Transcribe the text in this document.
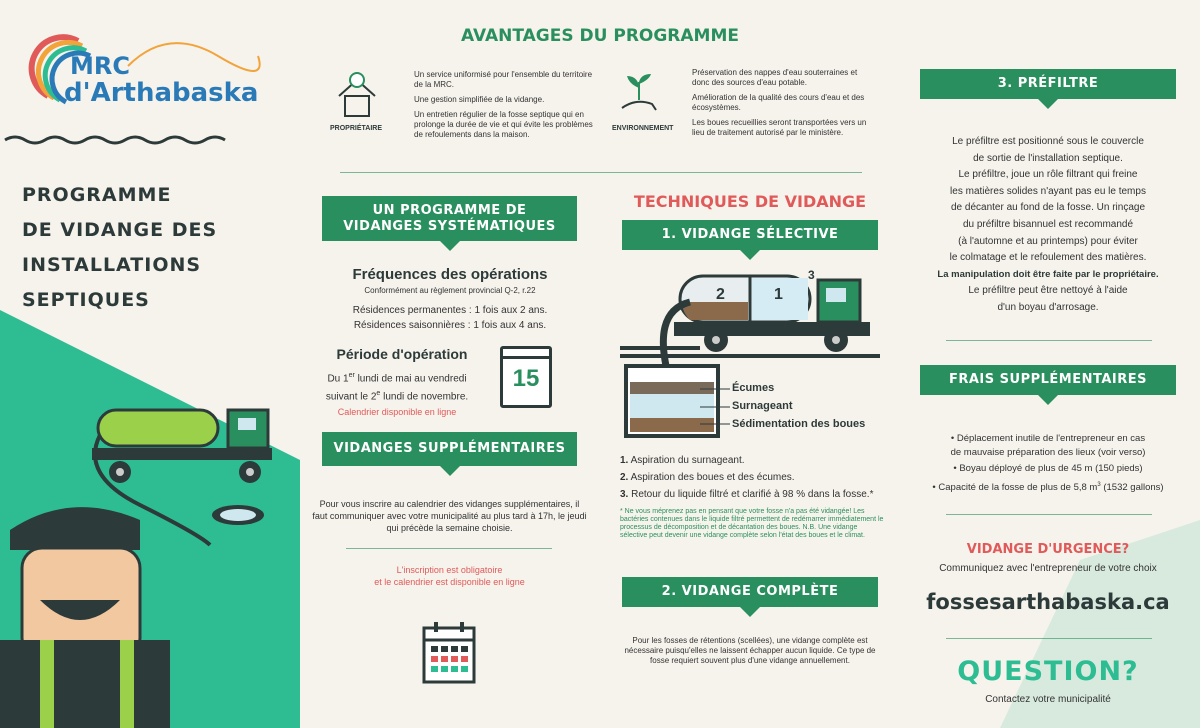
MRC
d'Arthabaska
PROGRAMME
DE VIDANGE DES
INSTALLATIONS
SEPTIQUES
AVANTAGES DU PROGRAMME
PROPRIÉTAIRE
Un service uniformisé pour l'ensemble du territoire de la MRC.
Une gestion simplifiée de la vidange.
Un entretien régulier de la fosse septique qui en prolonge la durée de vie et qui évite les problèmes de refoulements dans la maison.
ENVIRONNEMENT
Préservation des nappes d'eau souterraines et donc des sources d'eau potable.
Amélioration de la qualité des cours d'eau et des écosystèmes.
Les boues recueillies seront transportées vers un lieu de traitement autorisé par le ministère.
UN PROGRAMME DE
VIDANGES SYSTÉMATIQUES
Fréquences des opérations
Conformément au règlement provincial Q-2, r.22
Résidences permanentes : 1 fois aux 2 ans.
Résidences saisonnières : 1 fois aux 4 ans.
Période d'opération
Du 1er lundi de mai au vendredi
suivant le 2e lundi de novembre.
Calendrier disponible en ligne
15
VIDANGES SUPPLÉMENTAIRES
Pour vous inscrire au calendrier des vidanges supplémentaires, il faut communiquer avec votre municipalité au plus tard à 17h, le jeudi qui précède la semaine choisie.
L'inscription est obligatoire
et le calendrier est disponible en ligne
TECHNIQUES DE VIDANGE
1. VIDANGE SÉLECTIVE
2	1
3
Écumes
Surnageant
Sédimentation des boues
1. Aspiration du surnageant.
2. Aspiration des boues et des écumes.
3. Retour du liquide filtré et clarifié à 98 % dans la fosse.*
* Ne vous méprenez pas en pensant que votre fosse n'a pas été vidangée! Les bactéries contenues dans le liquide filtré permettent de redémarrer immédiatement le processus de décomposition et de décantation des boues. N.B. Une vidange sélective peut devenir une vidange complète selon l'état des boues et le climat.
2. VIDANGE COMPLÈTE
Pour les fosses de rétentions (scellées), une vidange complète est nécessaire puisqu'elles ne laissent échapper aucun liquide. Ce type de fosse requiert souvent plus d'une vidange annuellement.
3. PRÉFILTRE
Le préfiltre est positionné sous le couvercle
de sortie de l'installation septique.
Le préfiltre, joue un rôle filtrant qui freine
les matières solides n'ayant pas eu le temps
de décanter au fond de la fosse. Un rinçage
du préfiltre bisannuel est recommandé
(à l'automne et au printemps) pour éviter
le colmatage et le refoulement des matières.
La manipulation doit être faite par le propriétaire.
Le préfiltre peut être nettoyé à l'aide
d'un boyau d'arrosage.
FRAIS SUPPLÉMENTAIRES
• Déplacement inutile de l'entrepreneur en cas
de mauvaise préparation des lieux (voir verso)
• Boyau déployé de plus de 45 m (150 pieds)
• Capacité de la fosse de plus de 5,8 $m^3$ (1532 gallons)
VIDANGE D'URGENCE?
Communiquez avec l'entrepreneur de votre choix
fossesarthabaska.ca
QUESTION?
Contactez votre municipalité
